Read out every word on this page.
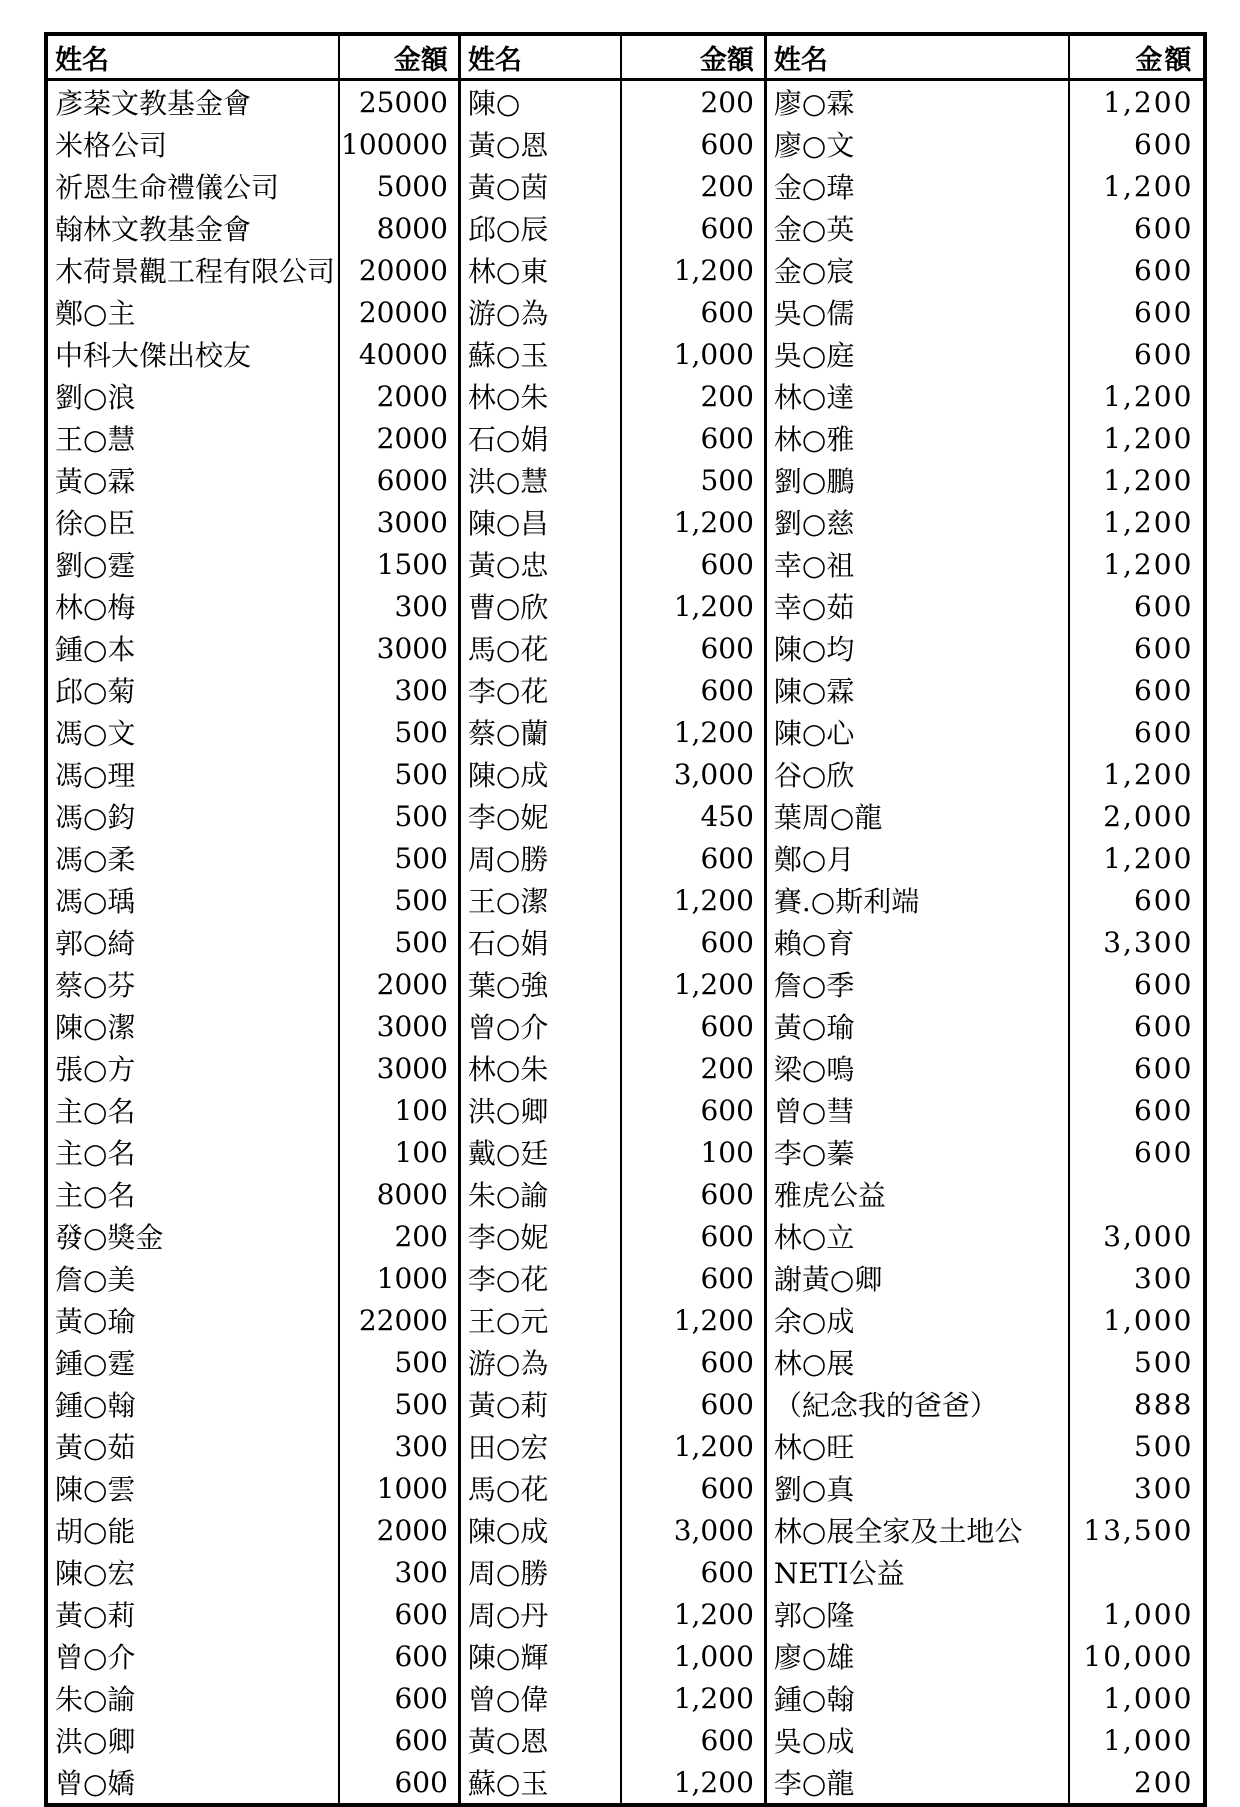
姓名	金額	姓名	金額	姓名	金額
彥棻文教基金會	25000	陳○	200	廖○霖	1,200
米格公司	100000	黃○恩	600	廖○文	600
祈恩生命禮儀公司	5000	黃○茵	200	金○瑋	1,200
翰林文教基金會	8000	邱○辰	600	金○英	600
木荷景觀工程有限公司	20000	林○東	1,200	金○宸	600
鄭○主	20000	游○為	600	吳○儒	600
中科大傑出校友	40000	蘇○玉	1,000	吳○庭	600
劉○浪	2000	林○朱	200	林○達	1,200
王○慧	2000	石○娟	600	林○雅	1,200
黃○霖	6000	洪○慧	500	劉○鵬	1,200
徐○臣	3000	陳○昌	1,200	劉○慈	1,200
劉○霆	1500	黃○忠	600	幸○祖	1,200
林○梅	300	曹○欣	1,200	幸○茹	600
鍾○本	3000	馬○花	600	陳○均	600
邱○菊	300	李○花	600	陳○霖	600
馮○文	500	蔡○蘭	1,200	陳○心	600
馮○理	500	陳○成	3,000	谷○欣	1,200
馮○鈞	500	李○妮	450	葉周○龍	2,000
馮○柔	500	周○勝	600	鄭○月	1,200
馮○瑀	500	王○潔	1,200	賽.○斯利端	600
郭○綺	500	石○娟	600	賴○育	3,300
蔡○芬	2000	葉○強	1,200	詹○季	600
陳○潔	3000	曾○介	600	黃○瑜	600
張○方	3000	林○朱	200	梁○鳴	600
主○名	100	洪○卿	600	曾○彗	600
主○名	100	戴○廷	100	李○蓁	600
主○名	8000	朱○諭	600	雅虎公益	
發○獎金	200	李○妮	600	林○立	3,000
詹○美	1000	李○花	600	謝黃○卿	300
黃○瑜	22000	王○元	1,200	余○成	1,000
鍾○霆	500	游○為	600	林○展	500
鍾○翰	500	黃○莉	600	（紀念我的爸爸）	888
黃○茹	300	田○宏	1,200	林○旺	500
陳○雲	1000	馬○花	600	劉○真	300
胡○能	2000	陳○成	3,000	林○展全家及土地公	13,500
陳○宏	300	周○勝	600	NETI公益	
黃○莉	600	周○丹	1,200	郭○隆	1,000
曾○介	600	陳○輝	1,000	廖○雄	10,000
朱○諭	600	曾○偉	1,200	鍾○翰	1,000
洪○卿	600	黃○恩	600	吳○成	1,000
曾○嬌	600	蘇○玉	1,200	李○龍	200
